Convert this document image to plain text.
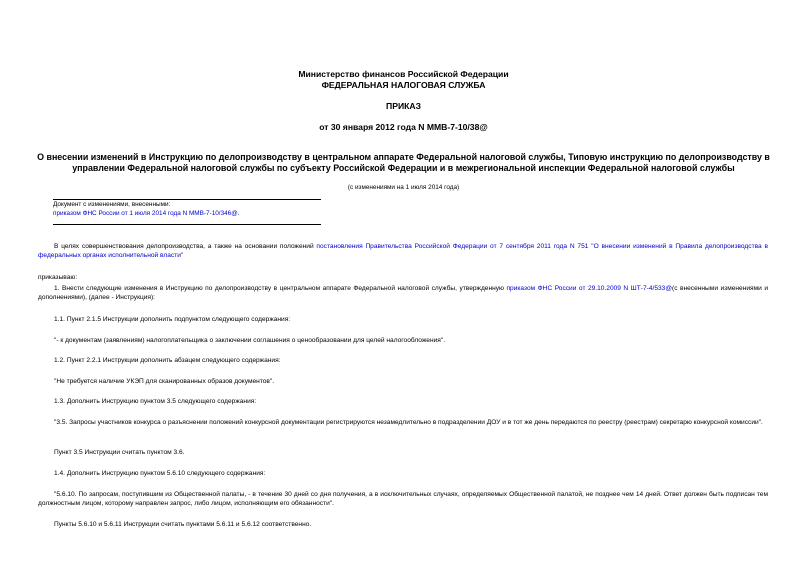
Министерство финансов Российской Федерации
ФЕДЕРАЛЬНАЯ НАЛОГОВАЯ СЛУЖБА
ПРИКАЗ
от 30 января 2012 года N ММВ-7-10/38@
О внесении изменений в Инструкцию по делопроизводству в центральном аппарате Федеральной налоговой службы, Типовую инструкцию по делопроизводству в управлении Федеральной налоговой службы по субъекту Российской Федерации и в межрегиональной инспекции Федеральной налоговой службы
(с изменениями на 1 июля 2014 года)
Документ с изменениями, внесенными:
приказом ФНС России от 1 июля 2014 года N ММВ-7-10/346@.
В целях совершенствования делопроизводства, а также на основании положений постановления Правительства Российской Федерации от 7 сентября 2011 года N 751 "О внесении изменений в Правила делопроизводства в федеральных органах исполнительной власти"
приказываю:
1. Внести следующие изменения в Инструкцию по делопроизводству в центральном аппарате Федеральной налоговой службы, утвержденную приказом ФНС России от 29.10.2009 N ШТ-7-4/533@(с внесенными изменениями и дополнениями), (далее - Инструкция):
1.1. Пункт 2.1.5 Инструкции дополнить подпунктом следующего содержания:
"- к документам (заявлениям) налогоплательщика о заключении соглашения о ценообразовании для целей налогообложения".
1.2. Пункт 2.2.1 Инструкции дополнить абзацем следующего содержания:
"Не требуется наличие УКЭП для сканированных образов документов".
1.3. Дополнить Инструкцию пунктом 3.5 следующего содержания:
"3.5. Запросы участников конкурса о разъяснении положений конкурсной документации регистрируются незамедлительно в подразделении ДОУ и в тот же день передаются по реестру (реестрам) секретарю конкурсной комиссии".
Пункт 3.5 Инструкции считать пунктом 3.6.
1.4. Дополнить Инструкцию пунктом 5.6.10 следующего содержания:
"5.6.10. По запросам, поступившим из Общественной палаты, - в течение 30 дней со дня получения, а в исключительных случаях, определяемых Общественной палатой, не позднее чем 14 дней. Ответ должен быть подписан тем должностным лицом, которому направлен запрос, либо лицом, исполняющим его обязанности".
Пункты 5.6.10 и 5.6.11 Инструкции считать пунктами 5.6.11 и 5.6.12 соответственно.
